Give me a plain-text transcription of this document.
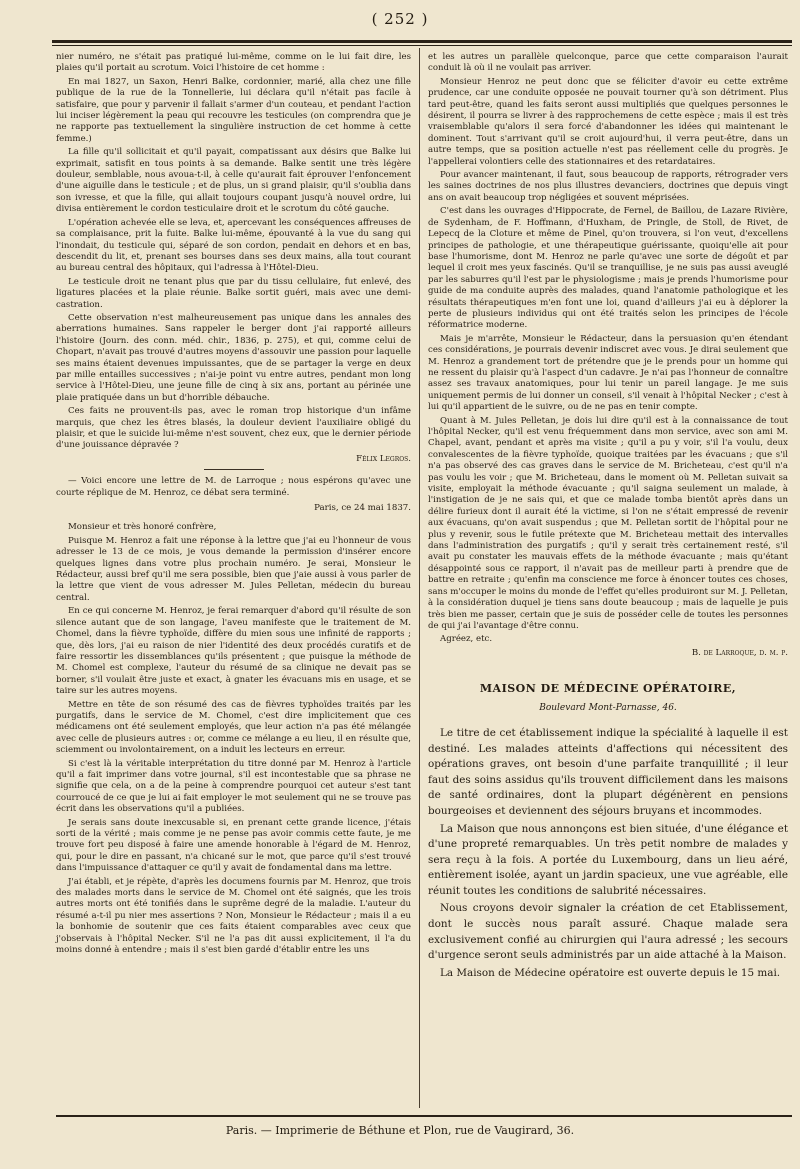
( 252 )

nier numéro, ne s'était pas pratiqué lui-même, comme on le lui fait dire, les plaies qu'il portait au scrotum. Voici l'histoire de cet homme :

En mai 1827, un Saxon, Henri Balke, cordonnier, marié, alla chez une fille publique de la rue de la Tonnellerie, lui déclara qu'il n'était pas facile à satisfaire, que pour y parvenir il fallait s'armer d'un couteau, et pendant l'action lui inciser légèrement la peau qui recouvre les testicules (on comprendra que je ne rapporte pas textuellement la singulière instruction de cet homme à cette femme.)

La fille qu'il sollicitait et qu'il payait, compatissant aux désirs que Balke lui exprimait, satisfit en tous points à sa demande. Balke sentit une très légère douleur, semblable, nous avoua-t-il, à celle qu'aurait fait éprouver l'enfoncement d'une aiguille dans le testicule ; et de plus, un si grand plaisir, qu'il s'oublia dans son ivresse, et que la fille, qui allait toujours coupant jusqu'à nouvel ordre, lui divisa entièrement le cordon testiculaire droit et le scrotum du côté gauche.

L'opération achevée elle se leva, et, apercevant les conséquences affreuses de sa complaisance, prit la fuite. Balke lui-même, épouvanté à la vue du sang qui l'inondait, du testicule qui, séparé de son cordon, pendait en dehors et en bas, descendit du lit, et, prenant ses bourses dans ses deux mains, alla tout courant au bureau central des hôpitaux, qui l'adressa à l'Hôtel-Dieu.

Le testicule droit ne tenant plus que par du tissu cellulaire, fut enlevé, des ligatures placées et la plaie réunie. Balke sortit guéri, mais avec une demi-castration.

Cette observation n'est malheureusement pas unique dans les annales des aberrations humaines. Sans rappeler le berger dont j'ai rapporté ailleurs l'histoire (Journ. des conn. méd. chir., 1836, p. 275), et qui, comme celui de Chopart, n'avait pas trouvé d'autres moyens d'assouvir une passion pour laquelle ses mains étaient devenues impuissantes, que de se partager la verge en deux par mille entailles successives ; n'ai-je point vu entre autres, pendant mon long service à l'Hôtel-Dieu, une jeune fille de cinq à six ans, portant au périnée une plaie pratiquée dans un but d'horrible débauche.

Ces faits ne prouvent-ils pas, avec le roman trop historique d'un infâme marquis, que chez les êtres blasés, la douleur devient l'auxiliaire obligé du plaisir, et que le suicide lui-même n'est souvent, chez eux, que le dernier période d'une jouissance dépravée ?

Félix Legros.

— Voici encore une lettre de M. de Larroque ; nous espérons qu'avec une courte réplique de M. Henroz, ce débat sera terminé.

Paris, ce 24 mai 1837.

Monsieur et très honoré confrère,

Puisque M. Henroz a fait une réponse à la lettre que j'ai eu l'honneur de vous adresser le 13 de ce mois, je vous demande la permission d'insérer encore quelques lignes dans votre plus prochain numéro. Je serai, Monsieur le Rédacteur, aussi bref qu'il me sera possible, bien que j'aie aussi à vous parler de la lettre que vient de vous adresser M. Jules Pelletan, médecin du bureau central.

En ce qui concerne M. Henroz, je ferai remarquer d'abord qu'il résulte de son silence autant que de son langage, l'aveu manifeste que le traitement de M. Chomel, dans la fièvre typhoïde, diffère du mien sous une infinité de rapports ; que, dès lors, j'ai eu raison de nier l'identité des deux procédés curatifs et de faire ressortir les dissemblances qu'ils présentent ; que puisque la méthode de M. Chomel est complexe, l'auteur du résumé de sa clinique ne devait pas se borner, s'il voulait être juste et exact, à gnater les évacuans mis en usage, et se taire sur les autres moyens.

Mettre en tête de son résumé des cas de fièvres typhoïdes traités par les purgatifs, dans le service de M. Chomel, c'est dire implicitement que ces médicamens ont été seulement employés, que leur action n'a pas été mélangée avec celle de plusieurs autres : or, comme ce mélange a eu lieu, il en résulte que, sciemment ou involontairement, on a induit les lecteurs en erreur.

Si c'est là la véritable interprétation du titre donné par M. Henroz à l'article qu'il a fait imprimer dans votre journal, s'il est incontestable que sa phrase ne signifie que cela, on a de la peine à comprendre pourquoi cet auteur s'est tant courroucé de ce que je lui ai fait employer le mot seulement qui ne se trouve pas écrit dans les observations qu'il a publiées.

Je serais sans doute inexcusable si, en prenant cette grande licence, j'étais sorti de la vérité ; mais comme je ne pense pas avoir commis cette faute, je me trouve fort peu disposé à faire une amende honorable à l'égard de M. Henroz, qui, pour le dire en passant, n'a chicané sur le mot, que parce qu'il s'est trouvé dans l'impuissance d'attaquer ce qu'il y avait de fondamental dans ma lettre.

J'ai établi, et je répète, d'après les documens fournis par M. Henroz, que trois des malades morts dans le service de M. Chomel ont été saignés, que les trois autres morts ont été tonifiés dans le suprême degré de la maladie. L'auteur du résumé a-t-il pu nier mes assertions ? Non, Monsieur le Rédacteur ; mais il a eu la bonhomie de soutenir que ces faits étaient comparables avec ceux que j'observais à l'hôpital Necker. S'il ne l'a pas dit aussi explicitement, il l'a du moins donné à entendre ; mais il s'est bien gardé d'établir entre les uns

et les autres un parallèle quelconque, parce que cette comparaison l'aurait conduit là où il ne voulait pas arriver.

Monsieur Henroz ne peut donc que se féliciter d'avoir eu cette extrême prudence, car une conduite opposée ne pouvait tourner qu'à son détriment. Plus tard peut-être, quand les faits seront aussi multipliés que quelques personnes le désirent, il pourra se livrer à des rapprochemens de cette espèce ; mais il est très vraisemblable qu'alors il sera forcé d'abandonner les idées qui maintenant le dominent. Tout s'arrivant qu'il se croit aujourd'hui, il verra peut-être, dans un autre temps, que sa position actuelle n'est pas réellement celle du progrès. Je l'appellerai volontiers celle des stationnaires et des retardataires.

Pour avancer maintenant, il faut, sous beaucoup de rapports, rétrograder vers les saines doctrines de nos plus illustres devanciers, doctrines que depuis vingt ans on avait beaucoup trop négligées et souvent méprisées.

C'est dans les ouvrages d'Hippocrate, de Fernel, de Baillou, de Lazare Rivière, de Sydenham, de F. Hoffmann, d'Huxham, de Pringle, de Stoll, de Rivet, de Lepecq de la Cloture et même de Pinel, qu'on trouvera, si l'on veut, d'excellens principes de pathologie, et une thérapeutique guérissante, quoiqu'elle ait pour base l'humorisme, dont M. Henroz ne parle qu'avec une sorte de dégoût et par lequel il croit mes yeux fascinés. Qu'il se tranquillise, je ne suis pas aussi aveuglé par les saburres qu'il l'est par le physiologisme ; mais je prends l'humorisme pour guide de ma conduite auprès des malades, quand l'anatomie pathologique et les résultats thérapeutiques m'en font une loi, quand d'ailleurs j'ai eu à déplorer la perte de plusieurs individus qui ont été traités selon les principes de l'école réformatrice moderne.

Mais je m'arrête, Monsieur le Rédacteur, dans la persuasion qu'en étendant ces considérations, je pourrais devenir indiscret avec vous. Je dirai seulement que M. Henroz a grandement tort de prétendre que je le prends pour un homme qui ne ressent du plaisir qu'à l'aspect d'un cadavre. Je n'ai pas l'honneur de connaître assez ses travaux anatomiques, pour lui tenir un pareil langage. Je me suis uniquement permis de lui donner un conseil, s'il venait à l'hôpital Necker ; c'est à lui qu'il appartient de le suivre, ou de ne pas en tenir compte.

Quant à M. Jules Pelletan, je dois lui dire qu'il est à la connaissance de tout l'hôpital Necker, qu'il est venu fréquemment dans mon service, avec son ami M. Chapel, avant, pendant et après ma visite ; qu'il a pu y voir, s'il l'a voulu, deux convalescentes de la fièvre typhoïde, quoique traitées par les évacuans ; que s'il n'a pas observé des cas graves dans le service de M. Bricheteau, c'est qu'il n'a pas voulu les voir ; que M. Bricheteau, dans le moment où M. Pelletan suivait sa visite, employait la méthode évacuante ; qu'il saigna seulement un malade, à l'instigation de je ne sais qui, et que ce malade tomba bientôt après dans un délire furieux dont il aurait été la victime, si l'on ne s'était empressé de revenir aux évacuans, qu'on avait suspendus ; que M. Pelletan sortit de l'hôpital pour ne plus y revenir, sous le futile prétexte que M. Bricheteau mettait des intervalles dans l'administration des purgatifs ; qu'il y serait très certainement resté, s'il avait pu constater les mauvais effets de la méthode évacuante ; mais qu'étant désappointé sous ce rapport, il n'avait pas de meilleur parti à prendre que de battre en retraite ; qu'enfin ma conscience me force à énoncer toutes ces choses, sans m'occuper le moins du monde de l'effet qu'elles produiront sur M. J. Pelletan, à la considération duquel je tiens sans doute beaucoup ; mais de laquelle je puis très bien me passer, certain que je suis de posséder celle de toutes les personnes de qui j'ai l'avantage d'être connu.

Agréez, etc.

B. de Larroque, d. m. p.
MAISON DE MÉDECINE OPÉRATOIRE,
Boulevard Mont-Parnasse, 46.

Le titre de cet établissement indique la spécialité à laquelle il est destiné. Les malades atteints d'affections qui nécessitent des opérations graves, ont besoin d'une parfaite tranquillité ; il leur faut des soins assidus qu'ils trouvent difficilement dans les maisons de santé ordinaires, dont la plupart dégénèrent en pensions bourgeoises et deviennent des séjours bruyans et incommodes.

La Maison que nous annonçons est bien située, d'une élégance et d'une propreté remarquables. Un très petit nombre de malades y sera reçu à la fois. A portée du Luxembourg, dans un lieu aéré, entièrement isolée, ayant un jardin spacieux, une vue agréable, elle réunit toutes les conditions de salubrité nécessaires.

Nous croyons devoir signaler la création de cet Etablissement, dont le succès nous paraît assuré. Chaque malade sera exclusivement confié au chirurgien qui l'aura adressé ; les secours d'urgence seront seuls administrés par un aide attaché à la Maison.

La Maison de Médecine opératoire est ouverte depuis le 15 mai.

Paris. — Imprimerie de Béthune et Plon, rue de Vaugirard, 36.
